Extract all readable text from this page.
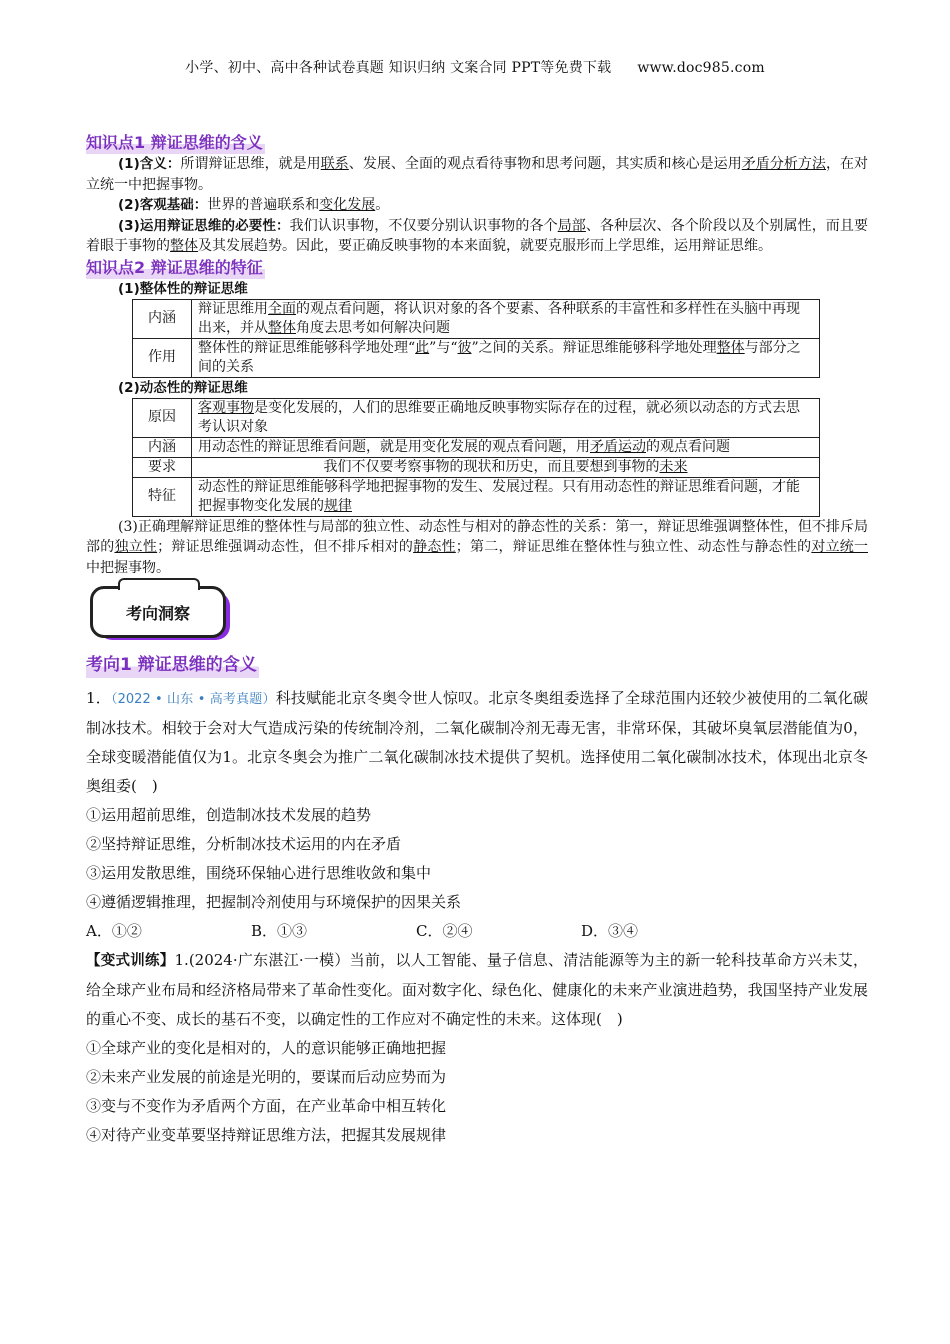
小学、初中、高中各种试卷真题 知识归纳 文案合同 PPT等免费下载 www.doc985.com
知识点1 辩证思维的含义

(1)含义：所谓辩证思维，就是用联系、发展、全面的观点看待事物和思考问题，其实质和核心是运用矛盾分析方法，在对立统一中把握事物。

(2)客观基础：世界的普遍联系和变化发展。

(3)运用辩证思维的必要性：我们认识事物，不仅要分别认识事物的各个局部、各种层次、各个阶段以及个别属性，而且要着眼于事物的整体及其发展趋势。因此，要正确反映事物的本来面貌，就要克服形而上学思维，运用辩证思维。

知识点2 辩证思维的特征

(1)整体性的辩证思维

内涵	辩证思维用全面的观点看问题，将认识对象的各个要素、各种联系的丰富性和多样性在头脑中再现出来，并从整体角度去思考如何解决问题
作用	整体性的辩证思维能够科学地处理“此”与“彼”之间的关系。辩证思维能够科学地处理整体与部分之间的关系

(2)动态性的辩证思维

原因	客观事物是变化发展的，人们的思维要正确地反映事物实际存在的过程，就必须以动态的方式去思考认识对象
内涵	用动态性的辩证思维看问题，就是用变化发展的观点看问题，用矛盾运动的观点看问题
要求	我们不仅要考察事物的现状和历史，而且要想到事物的未来
特征	动态性的辩证思维能够科学地把握事物的发生、发展过程。只有用动态性的辩证思维看问题，才能把握事物变化发展的规律

(3)正确理解辩证思维的整体性与局部的独立性、动态性与相对的静态性的关系：第一，辩证思维强调整体性，但不排斥局部的独立性；辩证思维强调动态性，但不排斥相对的静态性；第二，辩证思维在整体性与独立性、动态性与静态性的对立统一中把握事物。

考向洞察
考向1 辩证思维的含义

1．（2022 • 山东 • 高考真题）科技赋能北京冬奥令世人惊叹。北京冬奥组委选择了全球范围内还较少被使用的二氧化碳制冰技术。相较于会对大气造成污染的传统制冷剂，二氧化碳制冷剂无毒无害，非常环保，其破坏臭氧层潜能值为0，全球变暖潜能值仅为1。北京冬奥会为推广二氧化碳制冰技术提供了契机。选择使用二氧化碳制冰技术，体现出北京冬奥组委(　)

①运用超前思维，创造制冰技术发展的趋势
②坚持辩证思维，分析制冰技术运用的内在矛盾
③运用发散思维，围绕环保轴心进行思维收敛和集中
④遵循逻辑推理，把握制冷剂使用与环境保护的因果关系
A．①②	B．①③	C．②④	D．③④

【变式训练】1.(2024·广东湛江·一模）当前，以人工智能、量子信息、清洁能源等为主的新一轮科技革命方兴未艾，给全球产业布局和经济格局带来了革命性变化。面对数字化、绿色化、健康化的未来产业演进趋势，我国坚持产业发展的重心不变、成长的基石不变，以确定性的工作应对不确定性的未来。这体现(　)

①全球产业的变化是相对的，人的意识能够正确地把握
②未来产业发展的前途是光明的，要谋而后动应势而为
③变与不变作为矛盾两个方面，在产业革命中相互转化
④对待产业变革要坚持辩证思维方法，把握其发展规律
